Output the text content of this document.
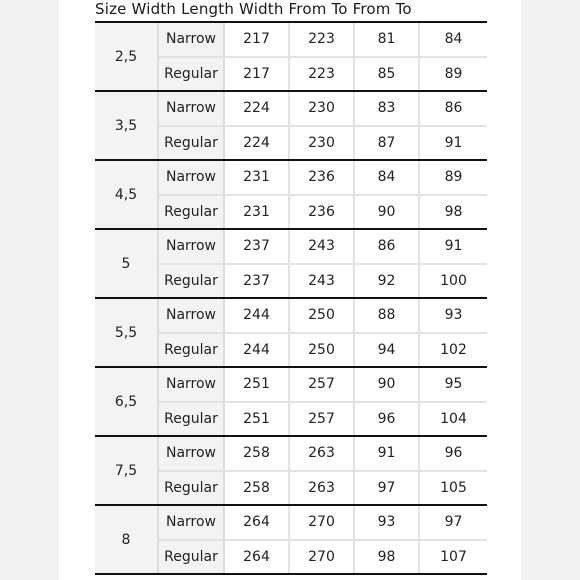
Size Width Length Width From To From To
2,5
Narrow	217	223	81	84
Regular	217	223	85	89
3,5
Narrow	224	230	83	86
Regular	224	230	87	91
4,5
Narrow	231	236	84	89
Regular	231	236	90	98
5
Narrow	237	243	86	91
Regular	237	243	92	100
5,5
Narrow	244	250	88	93
Regular	244	250	94	102
6,5
Narrow	251	257	90	95
Regular	251	257	96	104
7,5
Narrow	258	263	91	96
Regular	258	263	97	105
8
Narrow	264	270	93	97
Regular	264	270	98	107
